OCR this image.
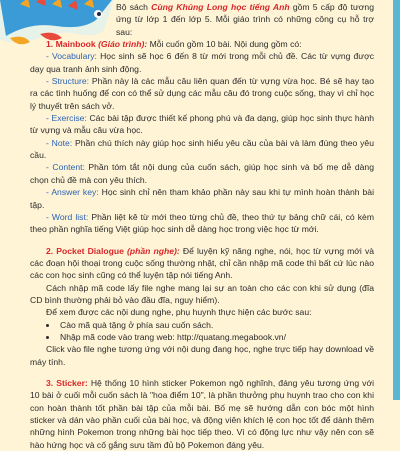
Bộ sách Cùng Khủng Long học tiếng Anh gồm 5 cấp độ tương ứng từ lớp 1 đến lớp 5. Mỗi giáo trình có những công cụ hỗ trợ sau:

1. Mainbook (Giáo trình): Mỗi cuốn gồm 10 bài. Nội dung gồm có:

- Vocabulary: Học sinh sẽ học 6 đến 8 từ mới trong mỗi chủ đề. Các từ vựng được dạy qua tranh ảnh sinh động.

- Structure: Phần này là các mẫu câu liên quan đến từ vựng vừa học. Bé sẽ hay tạo ra các tình huống để con có thể sử dụng các mẫu câu đó trong cuộc sống, thay vì chỉ học lý thuyết trên sách vở.

- Exercise: Các bài tập được thiết kế phong phú và đa dạng, giúp học sinh thực hành từ vựng và mẫu câu vừa học.

- Note: Phần chú thích này giúp học sinh hiểu yêu cầu của bài và làm đúng theo yêu cầu.

- Content: Phần tóm tắt nội dung của cuốn sách, giúp học sinh và bố mẹ dễ dàng chọn chủ đề mà con yêu thích.

- Answer key: Học sinh chỉ nên tham khảo phần này sau khi tự mình hoàn thành bài tập.

- Word list: Phần liệt kê từ mới theo từng chủ đề, theo thứ tự bảng chữ cái, có kèm theo phần nghĩa tiếng Việt giúp học sinh dễ dàng học trong việc học từ mới.

2. Pocket Dialogue (phần nghe): Để luyện kỹ năng nghe, nói, học từ vựng mới và các đoạn hội thoại trong cuộc sống thường nhật, chỉ cần nhập mã code thì bất cứ lúc nào các con học sinh cũng có thể luyện tập nói tiếng Anh.

Cách nhập mã code lấy file nghe mang lại sự an toàn cho các con khi sử dụng (đĩa CD bình thường phải bỏ vào đầu đĩa, nguy hiểm).

Để xem được các nội dung nghe, phụ huynh thực hiện các bước sau:

• Cào mã quà tặng ở phía sau cuốn sách.
• Nhập mã code vào trang web: http://quatang.megabook.vn/

Click vào file nghe tương ứng với nội dung đang học, nghe trực tiếp hay download về máy tính.

3. Sticker: Hệ thống 10 hình sticker Pokemon ngộ nghĩnh, đáng yêu tương ứng với 10 bài ở cuối mỗi cuốn sách là "hoa điểm 10", là phần thưởng phụ huynh trao cho con khi con hoàn thành tốt phần bài tập của mỗi bài. Bố mẹ sẽ hướng dẫn con bóc một hình sticker và dán vào phần cuối của bài học, và động viên khích lệ con học tốt để dành thêm những hình Pokemon trong những bài học tiếp theo. Vì có động lực như vậy nên con sẽ hào hứng học và cố gắng sưu tầm đủ bộ Pokemon đáng yêu.
